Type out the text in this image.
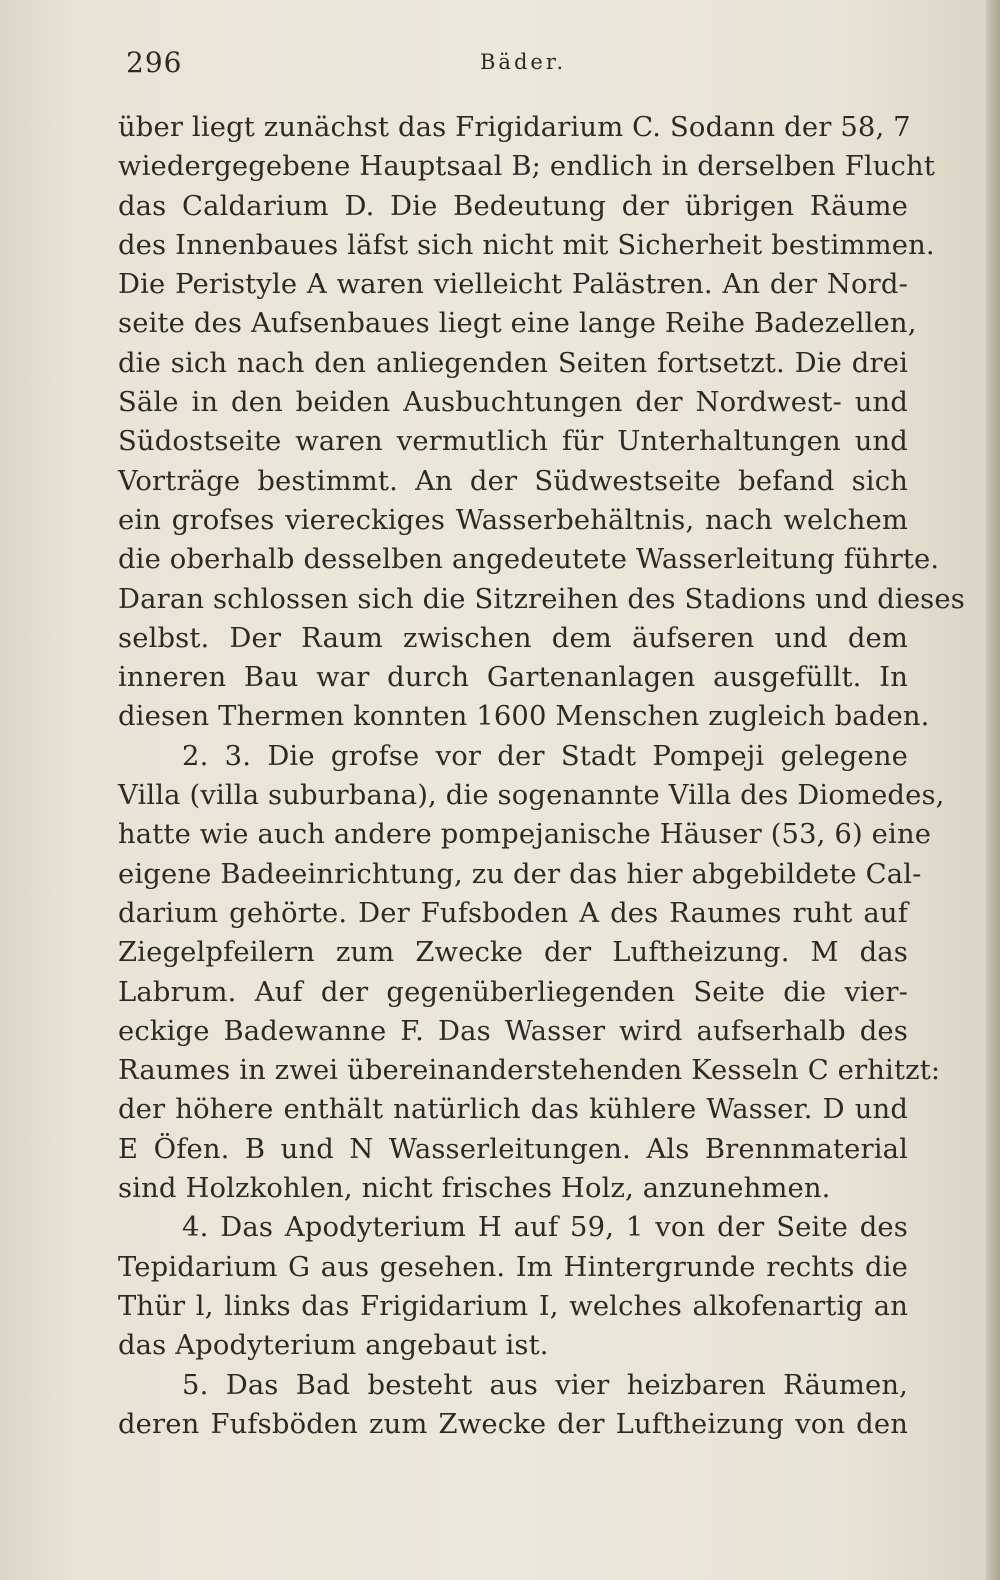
296	Bäder.
über liegt zunächst das Frigidarium C. Sodann der 58, 7
wiedergegebene Hauptsaal B; endlich in derselben Flucht
das Caldarium D. Die Bedeutung der übrigen Räume
des Innenbaues läfst sich nicht mit Sicherheit bestimmen.
Die Peristyle A waren vielleicht Palästren. An der Nord-
seite des Aufsenbaues liegt eine lange Reihe Badezellen,
die sich nach den anliegenden Seiten fortsetzt. Die drei
Säle in den beiden Ausbuchtungen der Nordwest- und
Südostseite waren vermutlich für Unterhaltungen und
Vorträge bestimmt. An der Südwestseite befand sich
ein grofses viereckiges Wasserbehältnis, nach welchem
die oberhalb desselben angedeutete Wasserleitung führte.
Daran schlossen sich die Sitzreihen des Stadions und dieses
selbst. Der Raum zwischen dem äufseren und dem
inneren Bau war durch Gartenanlagen ausgefüllt. In
diesen Thermen konnten 1600 Menschen zugleich baden.
2. 3. Die grofse vor der Stadt Pompeji gelegene
Villa (villa suburbana), die sogenannte Villa des Diomedes,
hatte wie auch andere pompejanische Häuser (53, 6) eine
eigene Badeeinrichtung, zu der das hier abgebildete Cal-
darium gehörte. Der Fufsboden A des Raumes ruht auf
Ziegelpfeilern zum Zwecke der Luftheizung. M das
Labrum. Auf der gegenüberliegenden Seite die vier-
eckige Badewanne F. Das Wasser wird aufserhalb des
Raumes in zwei übereinanderstehenden Kesseln C erhitzt:
der höhere enthält natürlich das kühlere Wasser. D und
E Öfen. B und N Wasserleitungen. Als Brennmaterial
sind Holzkohlen, nicht frisches Holz, anzunehmen.
4. Das Apodyterium H auf 59, 1 von der Seite des
Tepidarium G aus gesehen. Im Hintergrunde rechts die
Thür l, links das Frigidarium I, welches alkofenartig an
das Apodyterium angebaut ist.
5. Das Bad besteht aus vier heizbaren Räumen,
deren Fufsböden zum Zwecke der Luftheizung von den
